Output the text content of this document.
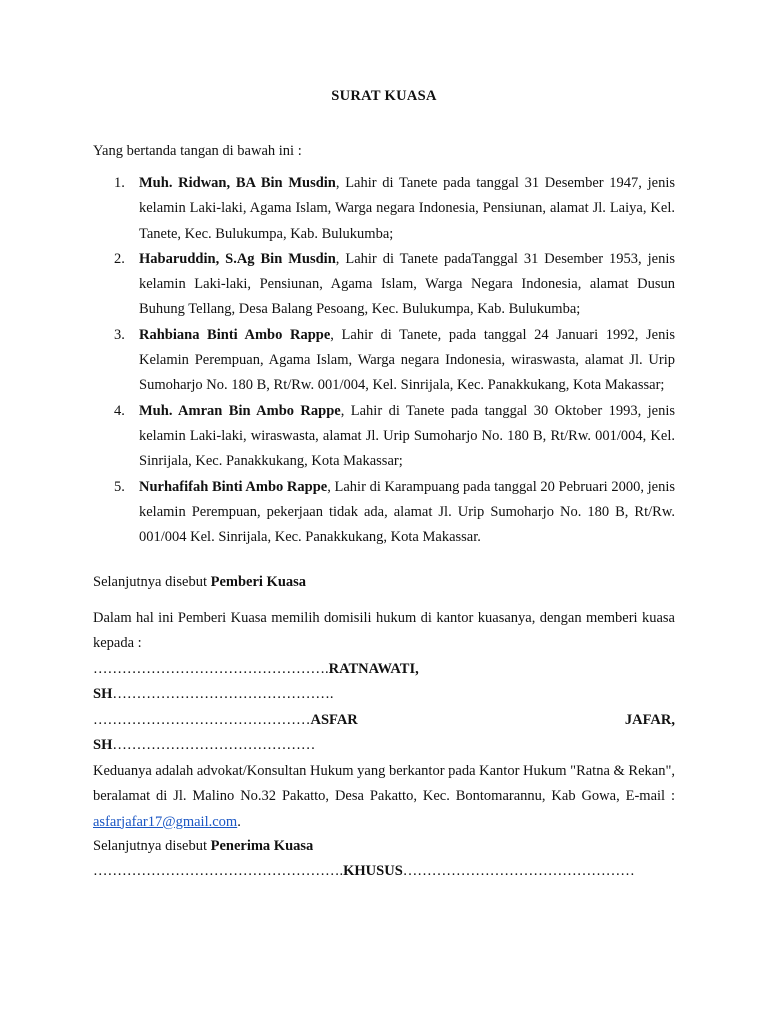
SURAT KUASA
Yang bertanda tangan di bawah ini :
1. Muh. Ridwan, BA Bin Musdin, Lahir di Tanete pada tanggal 31 Desember 1947, jenis kelamin Laki-laki, Agama Islam, Warga negara Indonesia, Pensiunan, alamat Jl. Laiya, Kel. Tanete, Kec. Bulukumpa, Kab. Bulukumba;
2. Habaruddin, S.Ag Bin Musdin, Lahir di Tanete padaTanggal 31 Desember 1953, jenis kelamin Laki-laki, Pensiunan, Agama Islam, Warga Negara Indonesia, alamat Dusun Buhung Tellang, Desa Balang Pesoang, Kec. Bulukumpa, Kab. Bulukumba;
3. Rahbiana Binti Ambo Rappe, Lahir di Tanete, pada tanggal 24 Januari 1992, Jenis Kelamin Perempuan, Agama Islam, Warga negara Indonesia, wiraswasta, alamat Jl. Urip Sumoharjo No. 180 B, Rt/Rw. 001/004, Kel. Sinrijala, Kec. Panakkukang, Kota Makassar;
4. Muh. Amran Bin Ambo Rappe, Lahir di Tanete pada tanggal 30 Oktober 1993, jenis kelamin Laki-laki, wiraswasta, alamat Jl. Urip Sumoharjo No. 180 B, Rt/Rw. 001/004, Kel. Sinrijala, Kec. Panakkukang, Kota Makassar;
5. Nurhafifah Binti Ambo Rappe, Lahir di Karampuang pada tanggal 20 Pebruari 2000, jenis kelamin Perempuan, pekerjaan tidak ada, alamat Jl. Urip Sumoharjo No. 180 B, Rt/Rw. 001/004 Kel. Sinrijala, Kec. Panakkukang, Kota Makassar.
Selanjutnya disebut Pemberi Kuasa
Dalam hal ini Pemberi Kuasa memilih domisili hukum di kantor kuasanya, dengan memberi kuasa kepada :
………………………………………….RATNAWATI,
SH……………………………………….
………………………………………ASFAR	JAFAR,
SH……………………………………
Keduanya adalah advokat/Konsultan Hukum yang berkantor pada Kantor Hukum "Ratna & Rekan", beralamat di Jl. Malino No.32 Pakatto, Desa Pakatto, Kec. Bontomarannu, Kab Gowa, E-mail : asfarjafar17@gmail.com.
Selanjutnya disebut Penerima Kuasa
…………………………………………….KHUSUS…………………………………………
